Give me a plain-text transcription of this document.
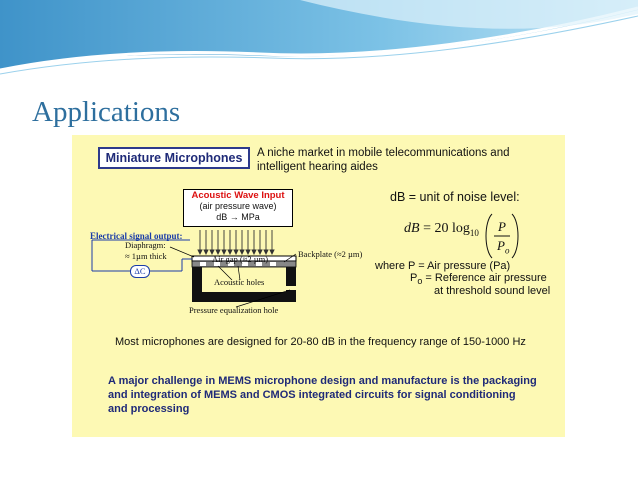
Applications
Miniature Microphones	A niche market in mobile telecommunications and
intelligent hearing aides
Acoustic Wave Input
(air pressure wave)
dB → MPa
Electrical signal output:
Diaphragm:
≈ 1µm thick
ΔC
Air gap (≈2 µm)	Backplate (≈2 µm)
Acoustic holes
Pressure equalization hole
dB = unit of noise level:
dB = 20 $\log_{10} P$
$P_o$
where P = Air pressure (Pa)
$P_o$ = Reference air pressure
at threshold sound level
Most microphones are designed for 20-80 dB in the frequency range of 150-1000 Hz
A major challenge in MEMS microphone design and manufacture is the packaging
and integration of MEMS and CMOS integrated circuits for signal conditioning
and processing
